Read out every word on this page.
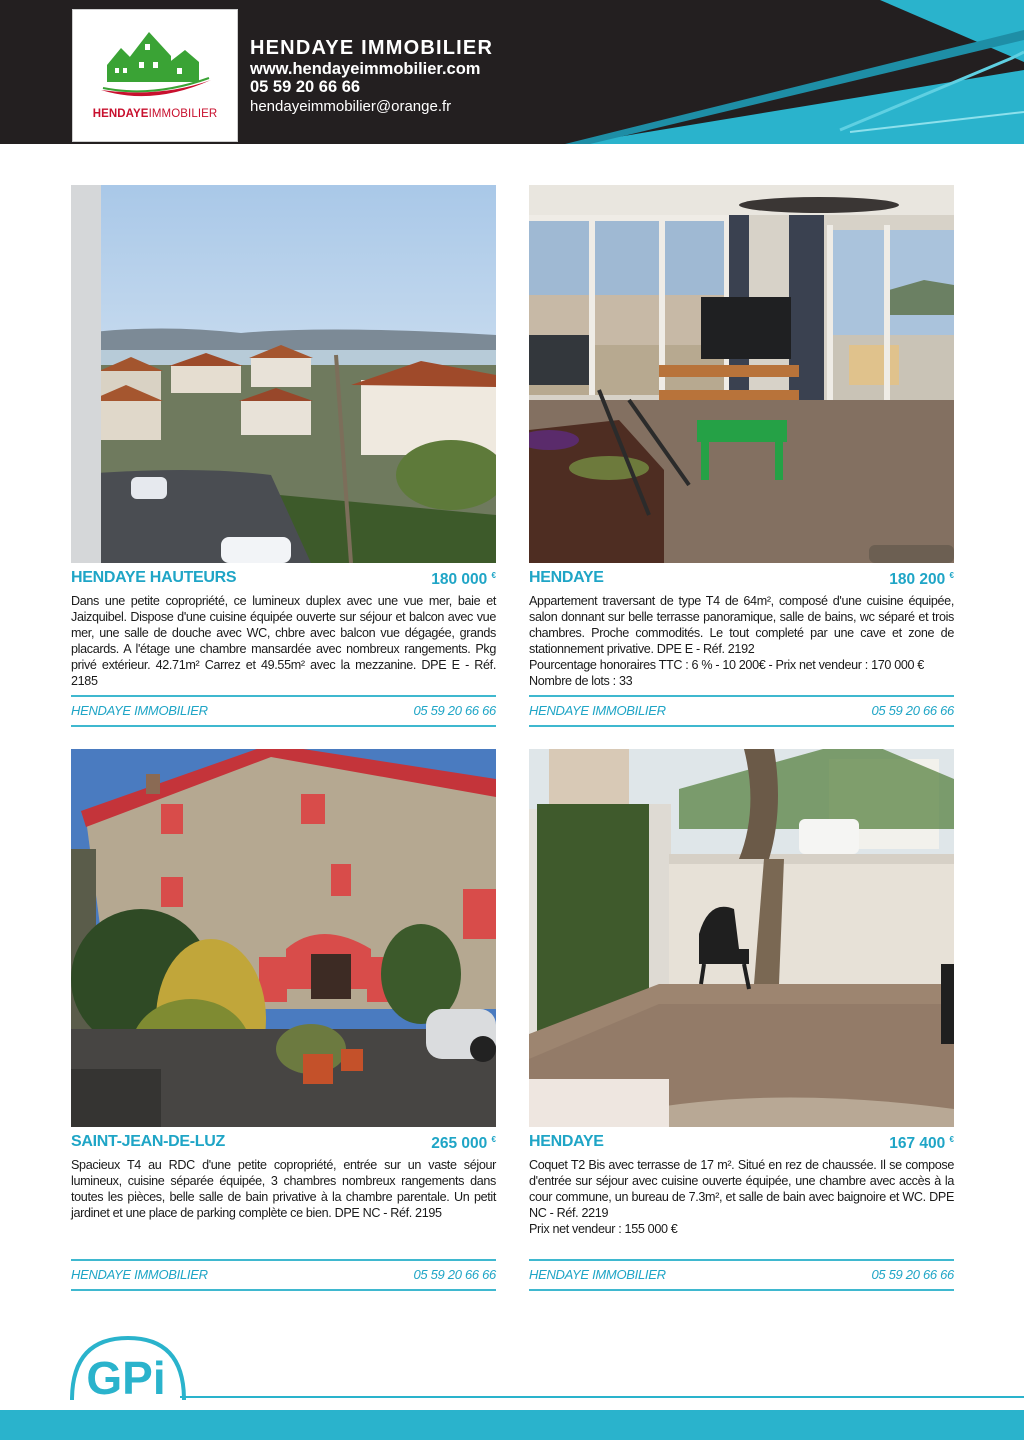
HENDAYEIMMOBILIER
HENDAYE IMMOBILIER
www.hendayeimmobilier.com
05 59 20 66 66
hendayeimmobilier@orange.fr
HENDAYE HAUTEURS	180 000 €

Dans une petite copropriété, ce lumineux duplex avec une vue mer, baie et Jaizquibel. Dispose d'une cuisine équipée ouverte sur séjour et balcon avec vue mer, une salle de douche avec WC, chbre avec balcon vue dégagée, grands placards. A l'étage une chambre mansardée avec nombreux rangements. Pkg privé extérieur. 42.71m² Carrez et 49.55m² avec la mezzanine. DPE E - Réf. 2185

HENDAYE IMMOBILIER	05 59 20 66 66
HENDAYE	180 200 €

Appartement traversant de type T4 de 64m², composé d'une cuisine équipée, salon donnant sur belle terrasse panoramique, salle de bains, wc séparé et trois chambres. Proche commodités. Le tout completé par une cave et zone de stationnement privative. DPE E - Réf. 2192

Pourcentage honoraires TTC : 6 % - 10 200€ - Prix net vendeur : 170 000 €

Nombre de lots : 33

HENDAYE IMMOBILIER	05 59 20 66 66
SAINT-JEAN-DE-LUZ	265 000 €

Spacieux T4 au RDC d'une petite copropriété, entrée sur un vaste séjour lumineux, cuisine séparée équipée, 3 chambres nombreux rangements dans toutes les pièces, belle salle de bain privative à la chambre parentale. Un petit jardinet et une place de parking complète ce bien. DPE NC - Réf. 2195

HENDAYE IMMOBILIER	05 59 20 66 66
HENDAYE	167 400 €

Coquet T2 Bis avec terrasse de 17 m². Situé en rez de chaussée. Il se compose d'entrée sur séjour avec cuisine ouverte équipée, une chambre avec accès à la cour commune, un bureau de 7.3m², et salle de bain avec baignoire et WC. DPE NC - Réf. 2219

Prix net vendeur : 155 000 €

HENDAYE IMMOBILIER	05 59 20 66 66
GPi
